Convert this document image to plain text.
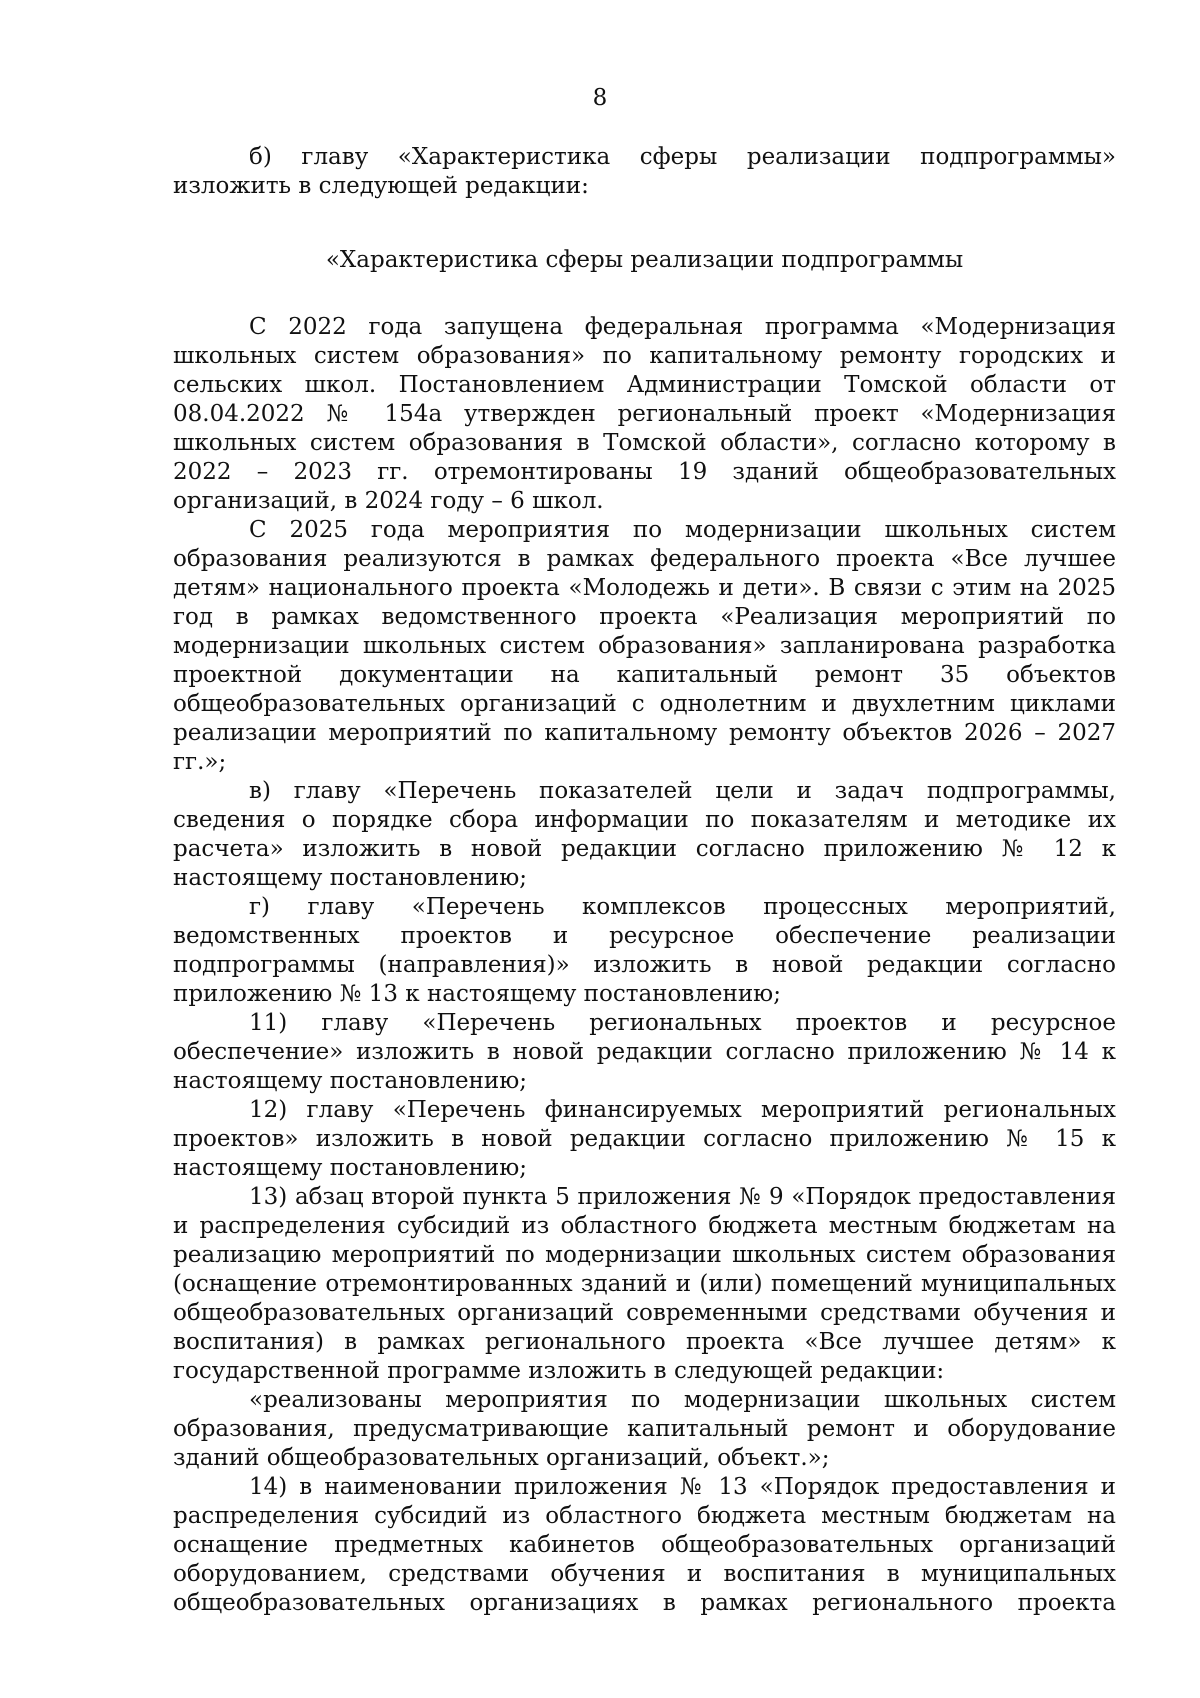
8

б) главу «Характеристика сферы реализации подпрограммы» изложить в следующей редакции:

«Характеристика сферы реализации подпрограммы

С 2022 года запущена федеральная программа «Модернизация школьных систем образования» по капитальному ремонту городских и сельских школ. Постановлением Администрации Томской области от 08.04.2022 № 154а утвержден региональный проект «Модернизация школьных систем образования в Томской области», согласно которому в 2022 – 2023 гг. отремонтированы 19 зданий общеобразовательных организаций, в 2024 году – 6 школ.

С 2025 года мероприятия по модернизации школьных систем образования реализуются в рамках федерального проекта «Все лучшее детям» национального проекта «Молодежь и дети». В связи с этим на 2025 год в рамках ведомственного проекта «Реализация мероприятий по модернизации школьных систем образования» запланирована разработка проектной документации на капитальный ремонт 35 объектов общеобразовательных организаций с однолетним и двухлетним циклами реализации мероприятий по капитальному ремонту объектов 2026 – 2027 гг.»;

в) главу «Перечень показателей цели и задач подпрограммы, сведения о порядке сбора информации по показателям и методике их расчета» изложить в новой редакции согласно приложению № 12 к настоящему постановлению;

г) главу «Перечень комплексов процессных мероприятий, ведомственных проектов и ресурсное обеспечение реализации подпрограммы (направления)» изложить в новой редакции согласно приложению № 13 к настоящему постановлению;

11) главу «Перечень региональных проектов и ресурсное обеспечение» изложить в новой редакции согласно приложению № 14 к настоящему постановлению;

12) главу «Перечень финансируемых мероприятий региональных проектов» изложить в новой редакции согласно приложению № 15 к настоящему постановлению;

13) абзац второй пункта 5 приложения № 9 «Порядок предоставления и распределения субсидий из областного бюджета местным бюджетам на реализацию мероприятий по модернизации школьных систем образования (оснащение отремонтированных зданий и (или) помещений муниципальных общеобразовательных организаций современными средствами обучения и воспитания) в рамках регионального проекта «Все лучшее детям» к государственной программе изложить в следующей редакции:

«реализованы мероприятия по модернизации школьных систем образования, предусматривающие капитальный ремонт и оборудование зданий общеобразовательных организаций, объект.»;

14) в наименовании приложения № 13 «Порядок предоставления и распределения субсидий из областного бюджета местным бюджетам на оснащение предметных кабинетов общеобразовательных организаций оборудованием, средствами обучения и воспитания в муниципальных общеобразовательных организациях в рамках регионального проекта
